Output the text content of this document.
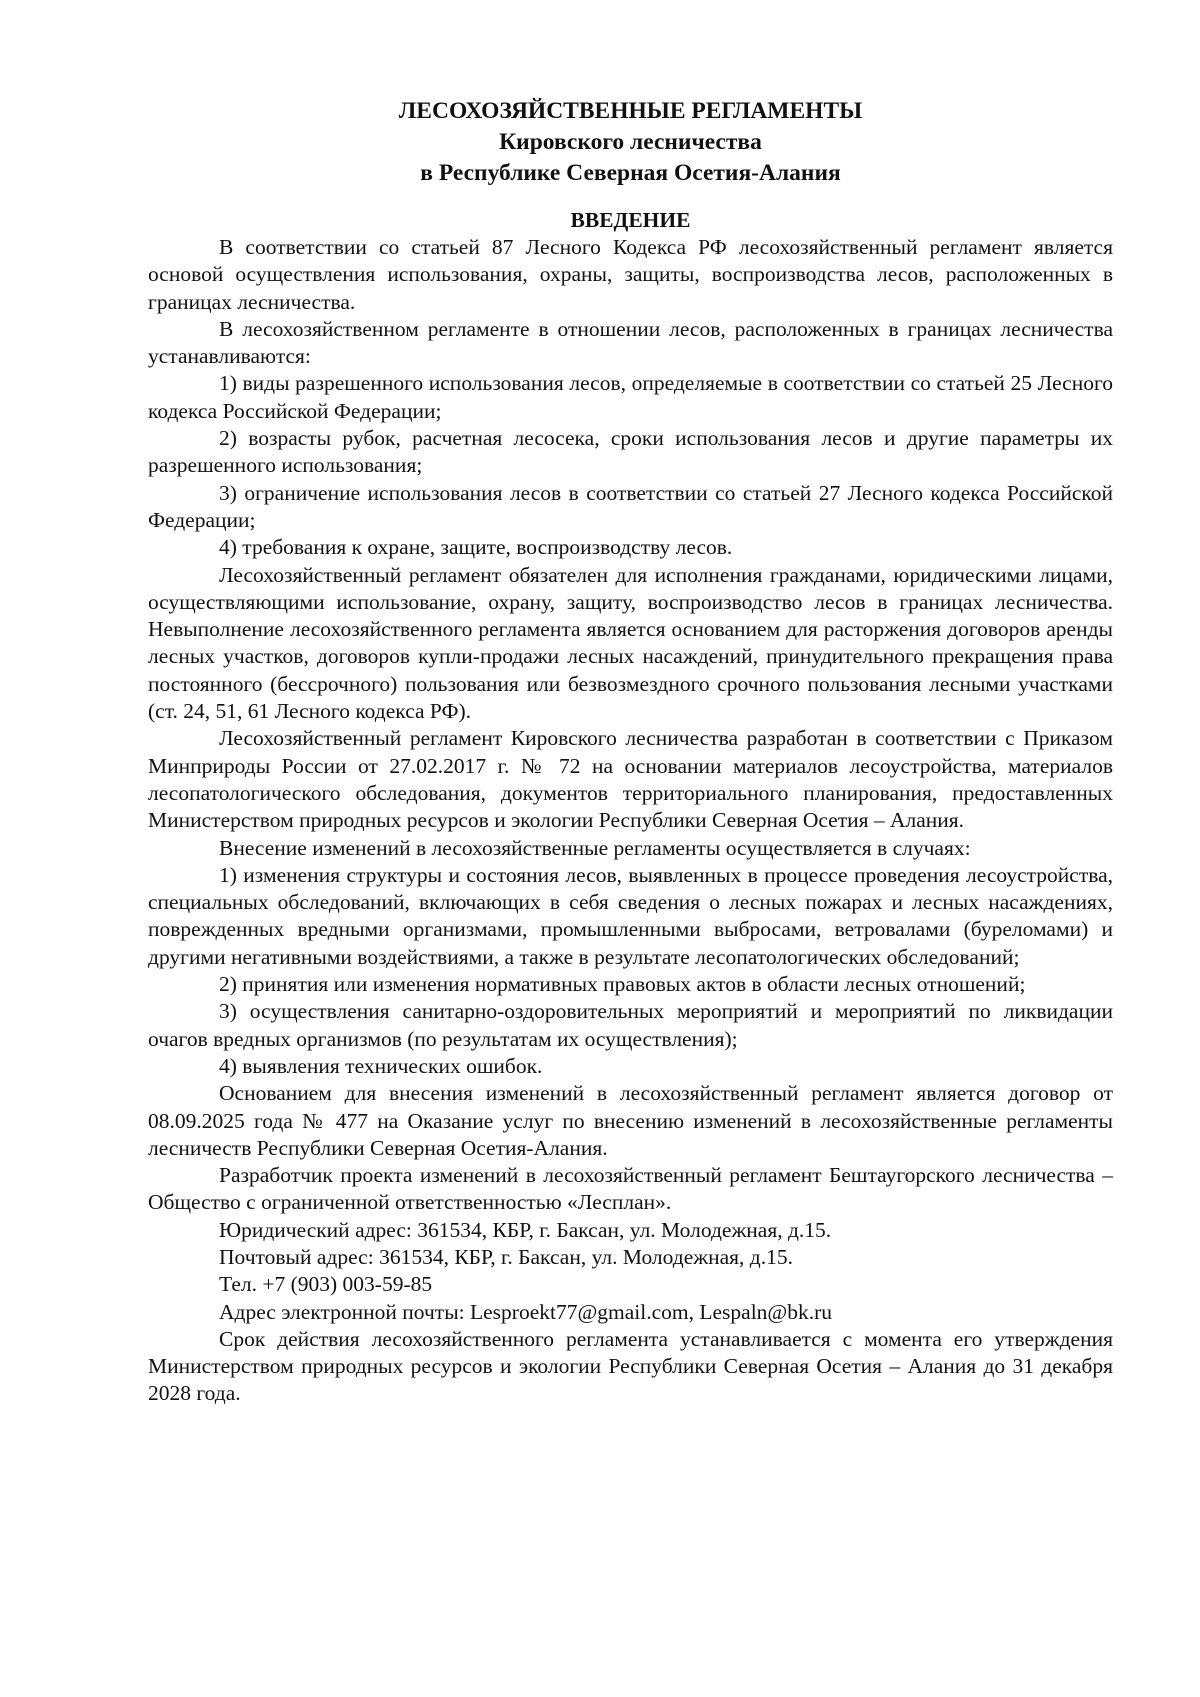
ЛЕСОХОЗЯЙСТВЕННЫЕ РЕГЛАМЕНТЫ
Кировского лесничества
в Республике Северная Осетия-Алания
ВВЕДЕНИЕ

В соответствии со статьей 87 Лесного Кодекса РФ лесохозяйственный регламент является основой осуществления использования, охраны, защиты, воспроизводства лесов, расположенных в границах лесничества.

В лесохозяйственном регламенте в отношении лесов, расположенных в границах лесничества устанавливаются:

1) виды разрешенного использования лесов, определяемые в соответствии со статьей 25 Лесного кодекса Российской Федерации;

2) возрасты рубок, расчетная лесосека, сроки использования лесов и другие параметры их разрешенного использования;

3) ограничение использования лесов в соответствии со статьей 27 Лесного кодекса Российской Федерации;

4) требования к охране, защите, воспроизводству лесов.

Лесохозяйственный регламент обязателен для исполнения гражданами, юридическими лицами, осуществляющими использование, охрану, защиту, воспроизводство лесов в границах лесничества. Невыполнение лесохозяйственного регламента является основанием для расторжения договоров аренды лесных участков, договоров купли-продажи лесных насаждений, принудительного прекращения права постоянного (бессрочного) пользования или безвозмездного срочного пользования лесными участками (ст. 24, 51, 61 Лесного кодекса РФ).

Лесохозяйственный регламент Кировского лесничества разработан в соответствии с Приказом Минприроды России от 27.02.2017 г. № 72 на основании материалов лесоустройства, материалов лесопатологического обследования, документов территориального планирования, предоставленных Министерством природных ресурсов и экологии Республики Северная Осетия – Алания.

Внесение изменений в лесохозяйственные регламенты осуществляется в случаях:

1) изменения структуры и состояния лесов, выявленных в процессе проведения лесоустройства, специальных обследований, включающих в себя сведения о лесных пожарах и лесных насаждениях, поврежденных вредными организмами, промышленными выбросами, ветровалами (буреломами) и другими негативными воздействиями, а также в результате лесопатологических обследований;

2) принятия или изменения нормативных правовых актов в области лесных отношений;

3) осуществления санитарно-оздоровительных мероприятий и мероприятий по ликвидации очагов вредных организмов (по результатам их осуществления);

4) выявления технических ошибок.

Основанием для внесения изменений в лесохозяйственный регламент является договор от 08.09.2025 года № 477 на Оказание услуг по внесению изменений в лесохозяйственные регламенты лесничеств Республики Северная Осетия-Алания.

Разработчик проекта изменений в лесохозяйственный регламент Бештаугорского лесничества – Общество с ограниченной ответственностью «Лесплан».

Юридический адрес: 361534, КБР, г. Баксан, ул. Молодежная, д.15.

Почтовый адрес: 361534, КБР, г. Баксан, ул. Молодежная, д.15.

Тел. +7 (903) 003-59-85

Адрес электронной почты: Lesproekt77@gmail.com, Lespaln@bk.ru

Срок действия лесохозяйственного регламента устанавливается с момента его утверждения Министерством природных ресурсов и экологии Республики Северная Осетия – Алания до 31 декабря 2028 года.
